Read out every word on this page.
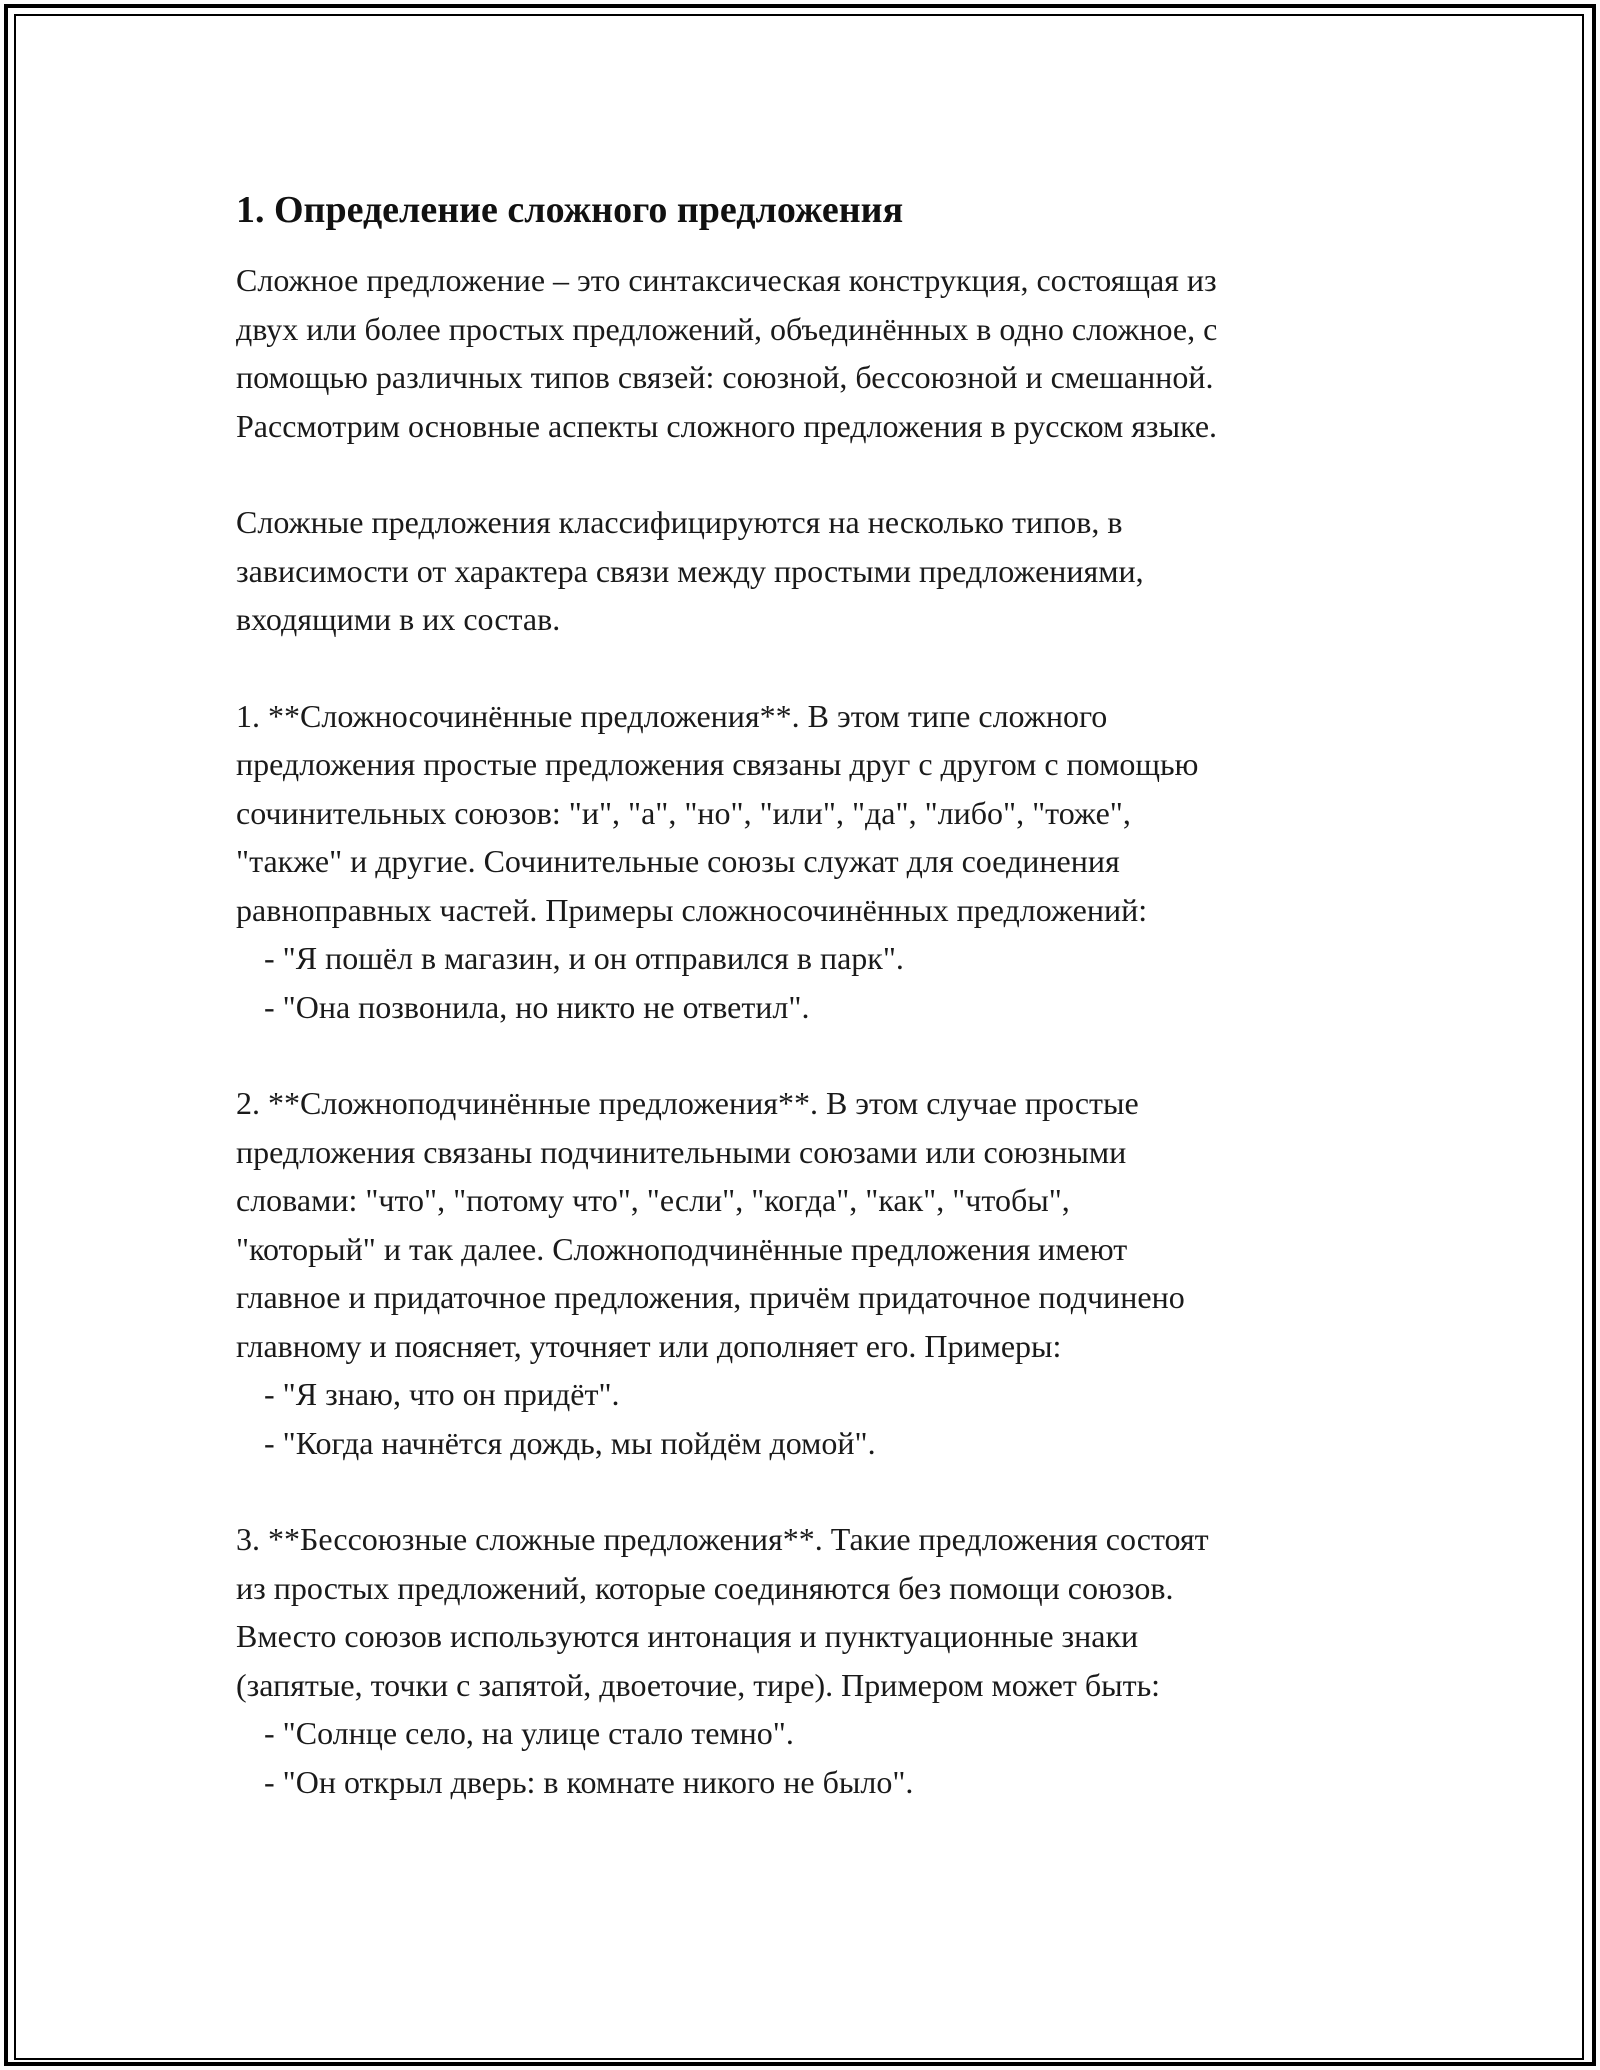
1. Определение сложного предложения

Сложное предложение – это синтаксическая конструкция, состоящая из
двух или более простых предложений, объединённых в одно сложное, с
помощью различных типов связей: союзной, бессоюзной и смешанной.
Рассмотрим основные аспекты сложного предложения в русском языке.

Сложные предложения классифицируются на несколько типов, в
зависимости от характера связи между простыми предложениями,
входящими в их состав.

1. **Сложносочинённые предложения**. В этом типе сложного
предложения простые предложения связаны друг с другом с помощью
сочинительных союзов: "и", "а", "но", "или", "да", "либо", "тоже",
"также" и другие. Сочинительные союзы служат для соединения
равноправных частей. Примеры сложносочинённых предложений:
- "Я пошёл в магазин, и он отправился в парк".
- "Она позвонила, но никто не ответил".

2. **Сложноподчинённые предложения**. В этом случае простые
предложения связаны подчинительными союзами или союзными
словами: "что", "потому что", "если", "когда", "как", "чтобы",
"который" и так далее. Сложноподчинённые предложения имеют
главное и придаточное предложения, причём придаточное подчинено
главному и поясняет, уточняет или дополняет его. Примеры:
- "Я знаю, что он придёт".
- "Когда начнётся дождь, мы пойдём домой".

3. **Бессоюзные сложные предложения**. Такие предложения состоят
из простых предложений, которые соединяются без помощи союзов.
Вместо союзов используются интонация и пунктуационные знаки
(запятые, точки с запятой, двоеточие, тире). Примером может быть:
- "Солнце село, на улице стало темно".
- "Он открыл дверь: в комнате никого не было".
